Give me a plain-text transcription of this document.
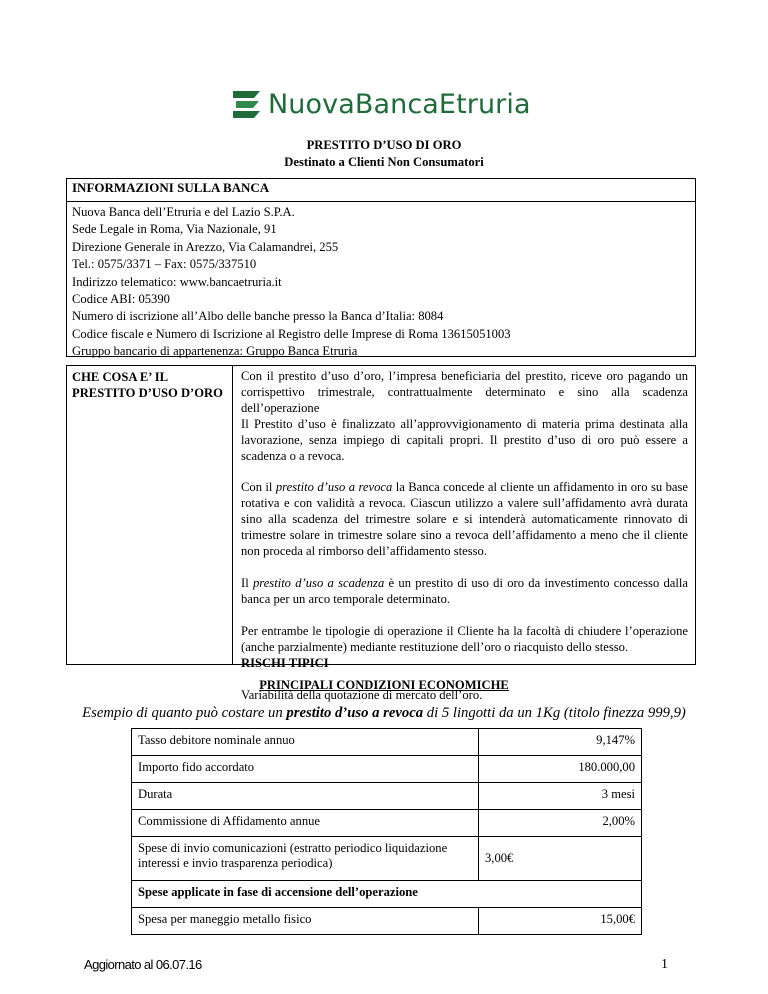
NuovaBancaEtruria
PRESTITO D’USO DI ORO
Destinato a Clienti Non Consumatori
INFORMAZIONI SULLA BANCA
Nuova Banca dell’Etruria e del Lazio S.P.A.
Sede Legale in Roma, Via Nazionale, 91
Direzione Generale in Arezzo, Via Calamandrei, 255
Tel.: 0575/3371 – Fax: 0575/337510
Indirizzo telematico: www.bancaetruria.it
Codice ABI: 05390
Numero di iscrizione all’Albo delle banche presso la Banca d’Italia: 8084
Codice fiscale e Numero di Iscrizione al Registro delle Imprese di Roma 13615051003
Gruppo bancario di appartenenza: Gruppo Banca Etruria
CHE COSA E’ IL PRESTITO D’USO D’ORO

Con il prestito d’uso d’oro, l’impresa beneficiaria del prestito, riceve oro pagando un corrispettivo trimestrale, contrattualmente determinato e sino alla scadenza dell’operazione

Il Prestito d’uso è finalizzato all’approvvigionamento di materia prima destinata alla lavorazione, senza impiego di capitali propri. Il prestito d’uso di oro può essere a scadenza o a revoca.

Con il prestito d’uso a revoca la Banca concede al cliente un affidamento in oro su base rotativa e con validità a revoca. Ciascun utilizzo a valere sull’affidamento avrà durata sino alla scadenza del trimestre solare e si intenderà automaticamente rinnovato di trimestre solare in trimestre solare sino a revoca dell’affidamento a meno che il cliente non proceda al rimborso dell’affidamento stesso.

Il prestito d’uso a scadenza è un prestito di uso di oro da investimento concesso dalla banca per un arco temporale determinato.

Per entrambe le tipologie di operazione il Cliente ha la facoltà di chiudere l’operazione (anche parzialmente) mediante restituzione dell’oro o riacquisto dello stesso.

RISCHI TIPICI

Variabilità della quotazione di mercato dell’oro.

PRINCIPALI CONDIZIONI ECONOMICHE
Esempio di quanto può costare un prestito d’uso a revoca di 5 lingotti da un 1Kg (titolo finezza 999,9)
Tasso debitore nominale annuo	9,147%
Importo fido accordato	180.000,00
Durata	3 mesi
Commissione di Affidamento annue	2,00%
Spese di invio comunicazioni (estratto periodico liquidazione interessi e invio trasparenza periodica)	3,00€
Spese applicate in fase di accensione dell’operazione	
Spesa per maneggio metallo fisico	15,00€
Aggiornato al 06.07.16	1
